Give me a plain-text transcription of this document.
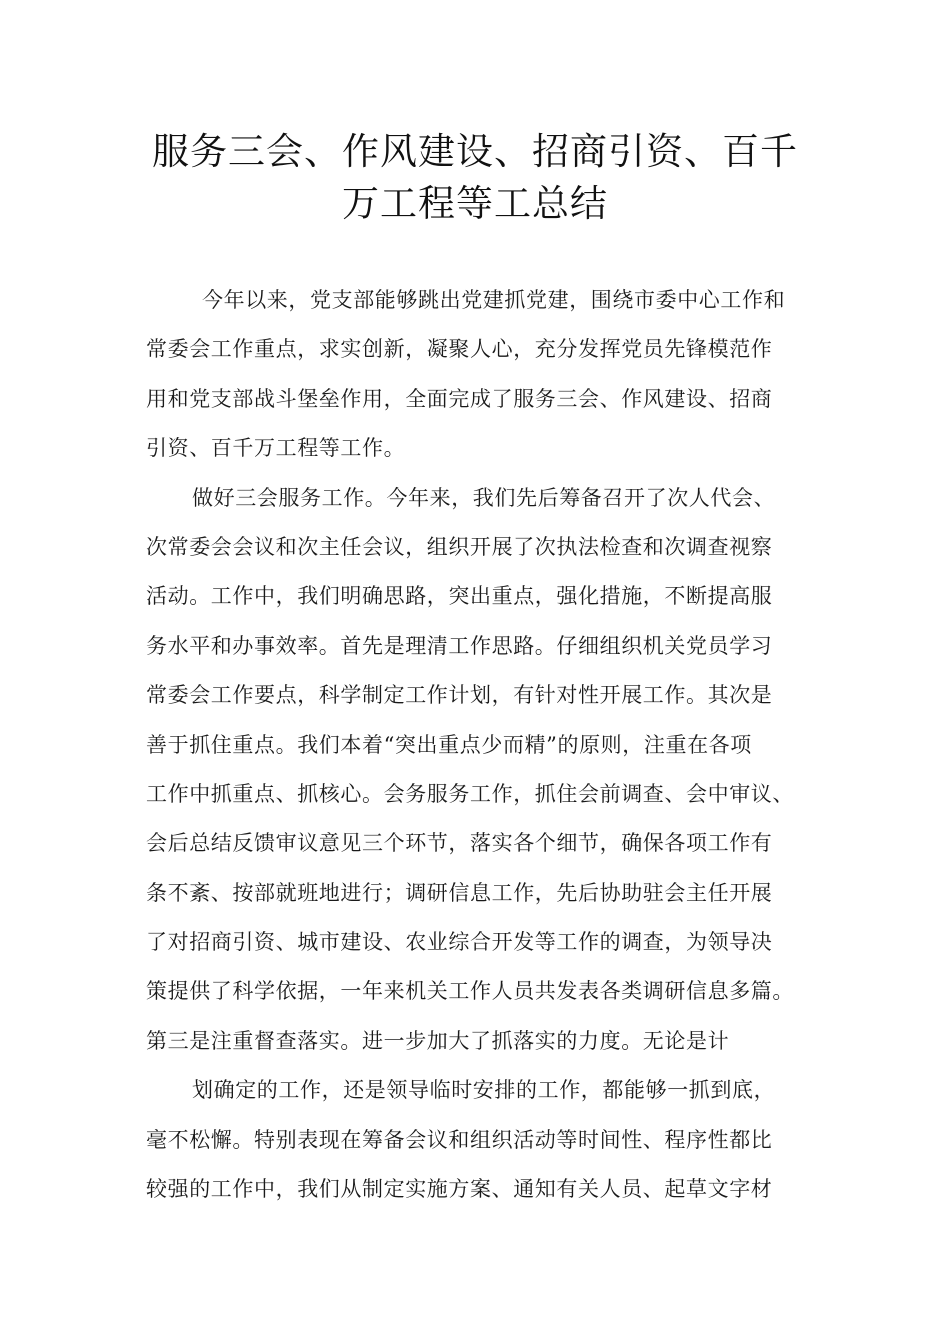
服务三会、作风建设、招商引资、百千
万工程等工总结
今年以来，党支部能够跳出党建抓党建，围绕市委中心工作和
常委会工作重点，求实创新，凝聚人心，充分发挥党员先锋模范作
用和党支部战斗堡垒作用，全面完成了服务三会、作风建设、招商
引资、百千万工程等工作。
做好三会服务工作。今年来，我们先后筹备召开了次人代会、
次常委会会议和次主任会议，组织开展了次执法检查和次调查视察
活动。工作中，我们明确思路，突出重点，强化措施，不断提高服
务水平和办事效率。首先是理清工作思路。仔细组织机关党员学习
常委会工作要点，科学制定工作计划，有针对性开展工作。其次是
善于抓住重点。我们本着“突出重点少而精”的原则，注重在各项
工作中抓重点、抓核心。会务服务工作，抓住会前调查、会中审议、
会后总结反馈审议意见三个环节，落实各个细节，确保各项工作有
条不紊、按部就班地进行；调研信息工作，先后协助驻会主任开展
了对招商引资、城市建设、农业综合开发等工作的调查，为领导决
策提供了科学依据，一年来机关工作人员共发表各类调研信息多篇。
第三是注重督查落实。进一步加大了抓落实的力度。无论是计
划确定的工作，还是领导临时安排的工作，都能够一抓到底，
毫不松懈。特别表现在筹备会议和组织活动等时间性、程序性都比
较强的工作中，我们从制定实施方案、通知有关人员、起草文字材
